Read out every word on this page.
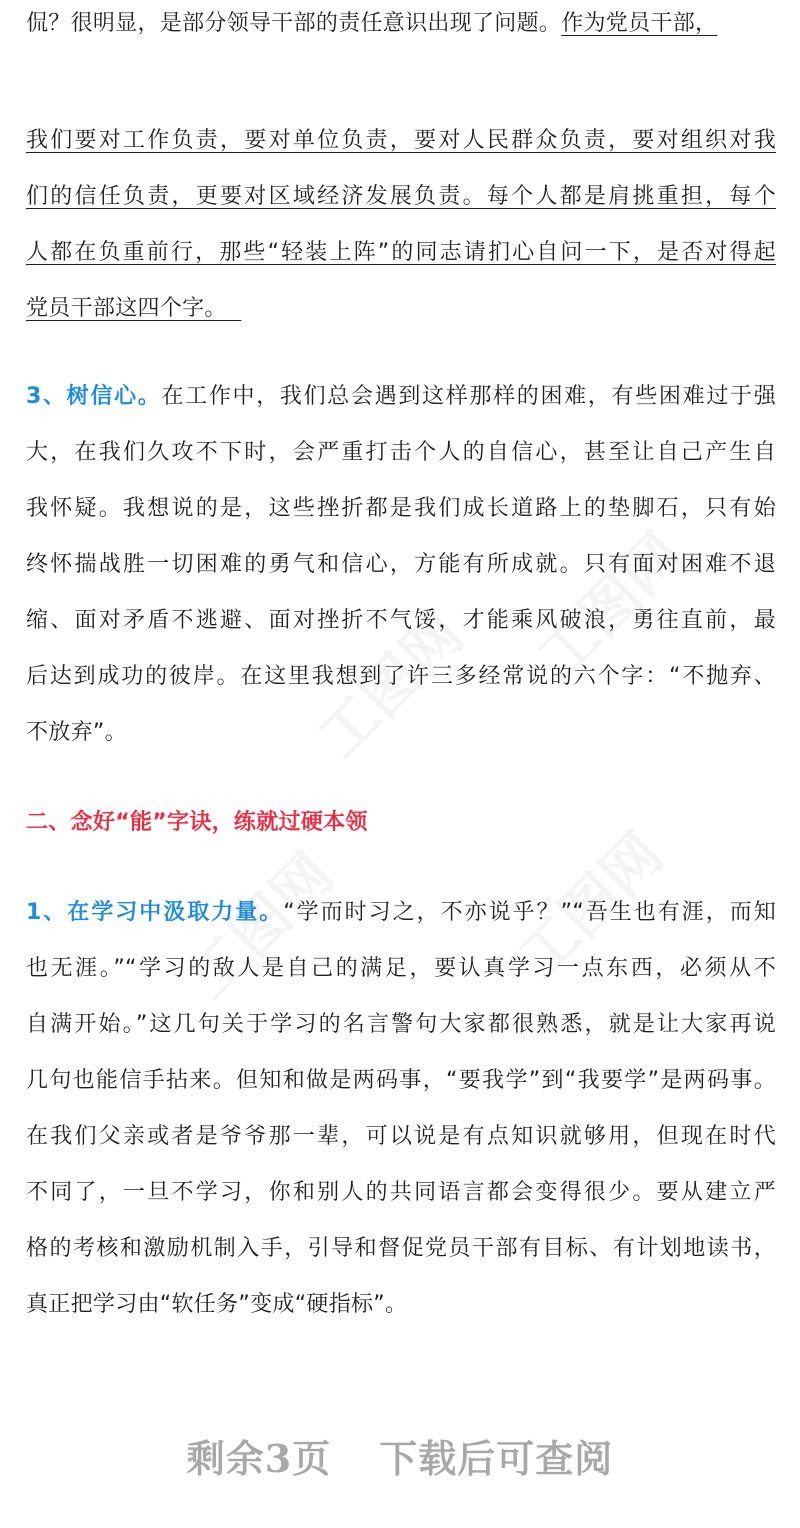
侃？很明显，是部分领导干部的责任意识出现了问题。作为党员干部，
我们要对工作负责，要对单位负责，要对人民群众负责，要对组织对我
们的信任负责，更要对区域经济发展负责。每个人都是肩挑重担，每个
人都在负重前行，那些“轻装上阵”的同志请扪心自问一下，是否对得起
党员干部这四个字。
3、树信心。在工作中，我们总会遇到这样那样的困难，有些困难过于强
大，在我们久攻不下时，会严重打击个人的自信心，甚至让自己产生自
我怀疑。我想说的是，这些挫折都是我们成长道路上的垫脚石，只有始
终怀揣战胜一切困难的勇气和信心，方能有所成就。只有面对困难不退
缩、面对矛盾不逃避、面对挫折不气馁，才能乘风破浪，勇往直前，最
后达到成功的彼岸。在这里我想到了许三多经常说的六个字：“不抛弃、
不放弃”。
二、念好“能”字诀，练就过硬本领
1、在学习中汲取力量。“学而时习之，不亦说乎？”“吾生也有涯，而知
也无涯。”“学习的敌人是自己的满足，要认真学习一点东西，必须从不
自满开始。”这几句关于学习的名言警句大家都很熟悉，就是让大家再说
几句也能信手拈来。但知和做是两码事，“要我学”到“我要学”是两码事。
在我们父亲或者是爷爷那一辈，可以说是有点知识就够用，但现在时代
不同了，一旦不学习，你和别人的共同语言都会变得很少。要从建立严
格的考核和激励机制入手，引导和督促党员干部有目标、有计划地读书，
真正把学习由“软任务”变成“硬指标”。
剩余3页 下载后可查阅
